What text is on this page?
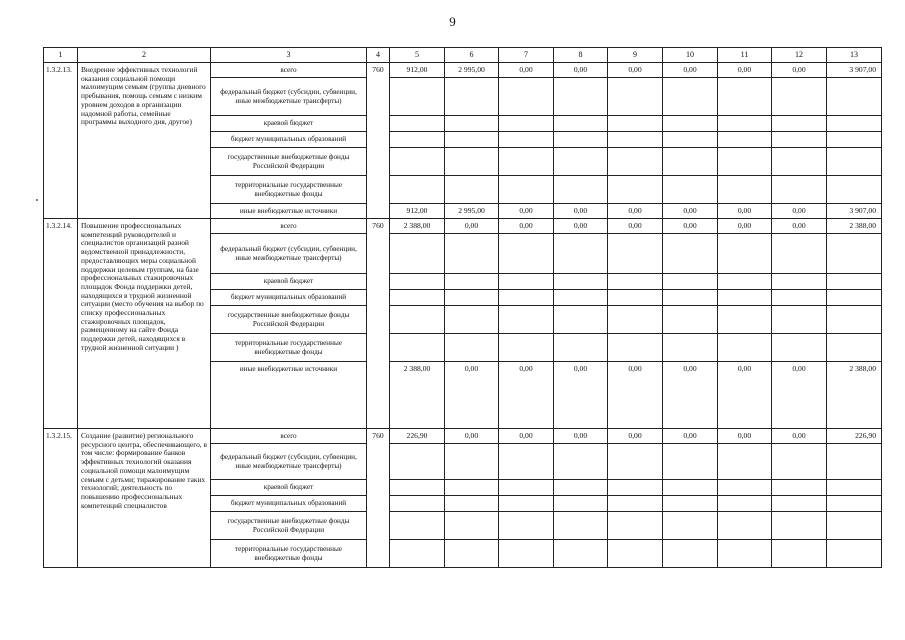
9
1	2	3	4	5	6	7	8	9	10	11	12	13
1.3.2.13.	Внедрение эффективных технологий оказания социальной помощи малоимущим семьям (группы дневного пребывания, помощь семьям с низким уровнем доходов в организации надомной работы, семейные программы выходного дня, другое)	всего	760	912,00	2 995,00	0,00	0,00	0,00	0,00	0,00	0,00	3 907,00
		федеральный бюджет (субсидии, субвенции, иные межбюджетные трансферты)										
		краевой бюджет										
		бюджет муниципальных образований										
		государственные внебюджетные фонды Российской Федерации										
		территориальные государственные внебюджетные фонды										
		иные внебюджетные источники		912,00	2 995,00	0,00	0,00	0,00	0,00	0,00	0,00	3 907,00
1.3.2.14.	Повышение профессиональных компетенций руководителей и специалистов организаций разной ведомственной принадлежности, предоставляющих меры социальной поддержки целевым группам, на базе профессиональных стажировочных площадок Фонда поддержки детей, находящихся в трудной жизненной ситуации (место обучения на выбор по списку профессиональных стажировочных площадок, размещенному на сайте Фонда поддержки детей, находящихся в трудной жизненной ситуации )	всего	760	2 388,00	0,00	0,00	0,00	0,00	0,00	0,00	0,00	2 388,00
		федеральный бюджет (субсидии, субвенции, иные межбюджетные трансферты)										
		краевой бюджет										
		бюджет муниципальных образований										
		государственные внебюджетные фонды Российской Федерации										
		территориальные государственные внебюджетные фонды										
		иные внебюджетные источники		2 388,00	0,00	0,00	0,00	0,00	0,00	0,00	0,00	2 388,00
1.3.2.15.	Создание (развитие) регионального ресурсного центра, обеспечивающего, в том числе: формирование банков эффективных технологий оказания социальной помощи малоимущим семьям с детьми; тиражирование таких технологий; деятельность по повышению профессиональных компетенций специалистов	всего	760	226,90	0,00	0,00	0,00	0,00	0,00	0,00	0,00	226,90
		федеральный бюджет (субсидии, субвенции, иные межбюджетные трансферты)										
		краевой бюджет										
		бюджет муниципальных образований										
		государственные внебюджетные фонды Российской Федерации										
		территориальные государственные внебюджетные фонды										
